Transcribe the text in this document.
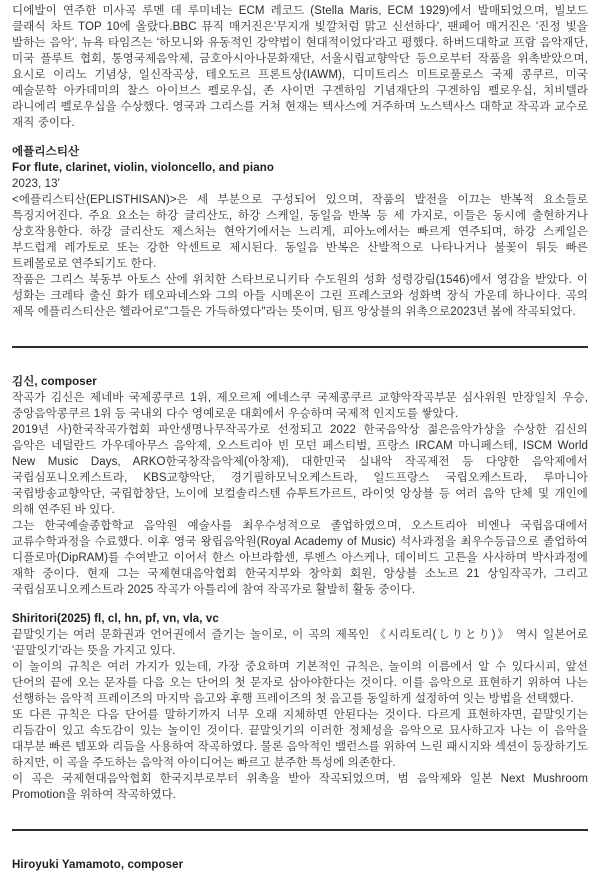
디에발이 연주한 미사곡 루멘 데 루미네는 ECM 레코드 (Stella Maris, ECM 1929)에서 발매되었으며, 빌보드 클래식 차트 TOP 10에 올랐다.BBC 뮤직 매거진은'무지개 빛깔처럼 맑고 신선하다', 팬페어 매거진은 '진정 빛을 발하는 음악', 뉴욕 타임즈는 '하모니와 유동적인 강약법이 현대적이었다'라고 평했다. 하버드대학교 프람 음악재단, 미국 플루트 협회, 통영국제음악제, 금호아시아나문화재단, 서울시립교향악단 등으로부터 작품을 위촉받았으며, 요시로 이리노 기념상, 일신작곡상, 테오도르 프론트상(IAWM), 디미트리스 미트로풀로스 국제 콩쿠르, 미국 예술문학 아카데미의 찰스 아이브스 펠로우십, 존 사이먼 구겐하임 기념재단의 구겐하임 펠로우십, 치비텔라 라니에리 펠로우십을 수상했다. 영국과 그리스를 거쳐 현재는 텍사스에 거주하며 노스텍사스 대학교 작곡과 교수로 재직 중이다.

에플리스티산

For flute, clarinet, violin, violoncello, and piano

2023, 13'

<에플리스티산(EPLISTHISAN)>은 세 부분으로 구성되어 있으며, 작품의 발전을 이끄는 반복적 요소들로 특징지어진다. 주요 요소는 하강 글리산도, 하강 스케일, 동일음 반복 등 세 가지로, 이들은 동시에 출현하거나 상호작용한다. 하강 글리산도 제스처는 현악기에서는 느리게, 피아노에서는 빠르게 연주되며, 하강 스케일은 부드럽게 레가토로 또는 강한 악센트로 제시된다. 동일음 반복은 산발적으로 나타나거나 불꽃이 튀듯 빠른 트레몰로로 연주되기도 한다.

작품은 그리스 북동부 아토스 산에 위치한 스타브로니키타 수도원의 성화 성령강림(1546)에서 영감을 받았다. 이 성화는 크레타 출신 화가 테오파네스와 그의 아들 시메온이 그린 프레스코와 성화벽 장식 가운데 하나이다. 곡의 제목 에플리스티산은 헬라어로"그들은 가득하였다"라는 뜻이며, 팀프 앙상블의 위촉으로2023년 봄에 작곡되었다.

김신, composer

작곡가 김신은 제네바 국제콩쿠르 1위, 제오르제 에네스쿠 국제콩쿠르 교향악작곡부문 심사위원 만장일치 우승, 중앙음악콩쿠르 1위 등 국내외 다수 영예로운 대회에서 우승하며 국제적 인지도를 쌓았다.

2019년 사)한국작곡가협회 파안생명나무작곡가로 선정되고 2022 한국음악상 젊은음악가상을 수상한 김신의 음악은 네덜란드 가우데아무스 음악제, 오스트리아 빈 모던 페스티벌, 프랑스 IRCAM 마니페스테, ISCM World New Music Days, ARKO한국창작음악제(아창제), 대한민국 실내악 작곡제전 등 다양한 음악제에서 국립심포니오케스트라, KBS교향악단, 경기필하모닉오케스트라, 일드프랑스 국립오케스트라, 루마니아 국립방송교향악단, 국립합창단, 노이에 보컬솔리스텐 슈투트가르트, 라이엇 앙상블 등 여러 음악 단체 및 개인에 의해 연주된 바 있다.

그는 한국예술종합학교 음악원 예술사를 최우수성적으로 졸업하였으며, 오스트리아 비엔나 국립음대에서 교류수학과정을 수료했다. 이후 영국 왕립음악원(Royal Academy of Music) 석사과정을 최우수등급으로 졸업하여 디플로마(DipRAM)를 수여받고 이어서 한스 아브라함센, 루벤스 아스케나, 데이비드 고튼을 사사하며 박사과정에 재학 중이다. 현재 그는 국제현대음악협회 한국지부와 창악회 회원, 앙상블 소노르 21 상임작곡가, 그리고 국립심포니오케스트라 2025 작곡가 아틀리에 참여 작곡가로 활발히 활동 중이다.

Shiritori(2025) fl, cl, hn, pf, vn, vla, vc

끝말잇기는 여러 문화권과 언어권에서 즐기는 놀이로, 이 곡의 제목인 《시리토리(しりとり)》 역시 일본어로 '끝말잇기'라는 뜻을 가지고 있다.

이 놀이의 규칙은 여러 가지가 있는데, 가장 중요하며 기본적인 규칙은, 놀이의 이름에서 알 수 있다시피, 앞선 단어의 끝에 오는 문자를 다음 오는 단어의 첫 문자로 삼아야한다는 것이다. 이를 음악으로 표현하기 위하여 나는 선행하는 음악적 프레이즈의 마지막 음고와 후행 프레이즈의 첫 음고를 동일하게 설정하여 잇는 방법을 선택했다.

또 다른 규칙은 다음 단어를 말하기까지 너무 오래 지체하면 안된다는 것이다. 다르게 표현하자면, 끝말잇기는 리듬감이 있고 속도감이 있는 놀이인 것이다. 끝말잇기의 이러한 정체성을 음악으로 묘사하고자 나는 이 음악을 대부분 빠른 템포와 리듬을 사용하여 작곡하였다. 물론 음악적인 밸런스를 위하여 느린 패시지와 섹션이 등장하기도 하지만, 이 곡을 주도하는 음악적 아이디어는 빠르고 분주한 특성에 의존한다.

이 곡은 국제현대음악협회 한국지부로부터 위촉을 받아 작곡되었으며, 범 음악제와 일본 Next Mushroom Promotion을 위하여 작곡하였다.

Hiroyuki Yamamoto, composer
